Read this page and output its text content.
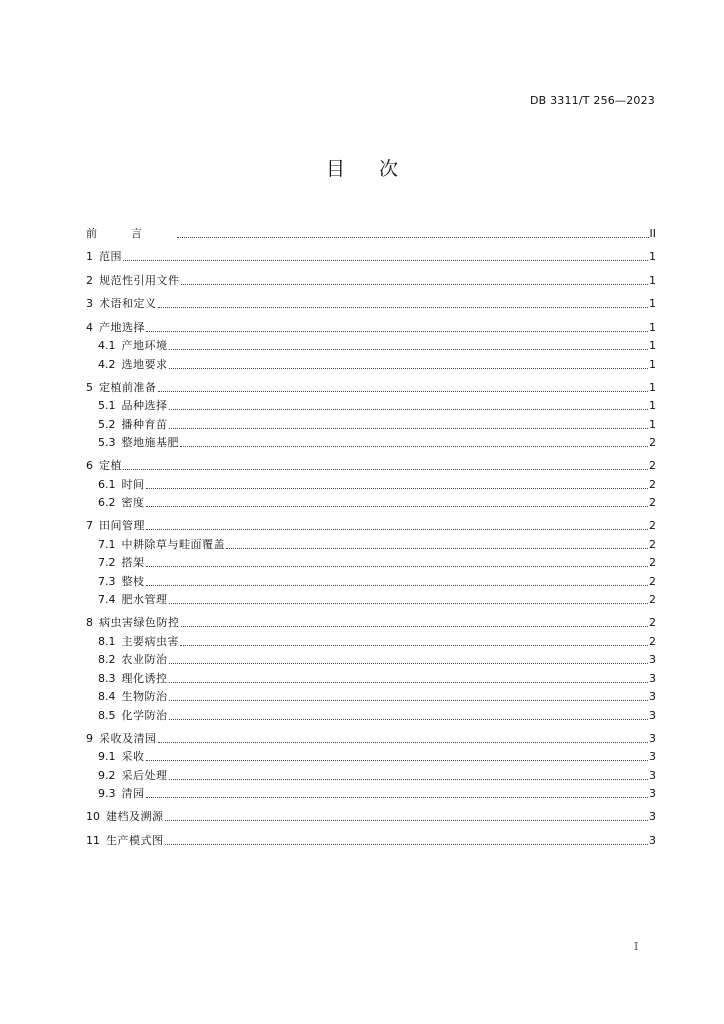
DB 3311/T 256—2023
目次
前言	II
1 范围	1
2 规范性引用文件	1
3 术语和定义	1
4 产地选择	1
4.1 产地环境	1
4.2 选地要求	1
5 定植前准备	1
5.1 品种选择	1
5.2 播种育苗	1
5.3 整地施基肥	2
6 定植	2
6.1 时间	2
6.2 密度	2
7 田间管理	2
7.1 中耕除草与畦面覆盖	2
7.2 搭架	2
7.3 整枝	2
7.4 肥水管理	2
8 病虫害绿色防控	2
8.1 主要病虫害	2
8.2 农业防治	3
8.3 理化诱控	3
8.4 生物防治	3
8.5 化学防治	3
9 采收及清园	3
9.1 采收	3
9.2 采后处理	3
9.3 清园	3
10 建档及溯源	3
11 生产模式图	3
I
